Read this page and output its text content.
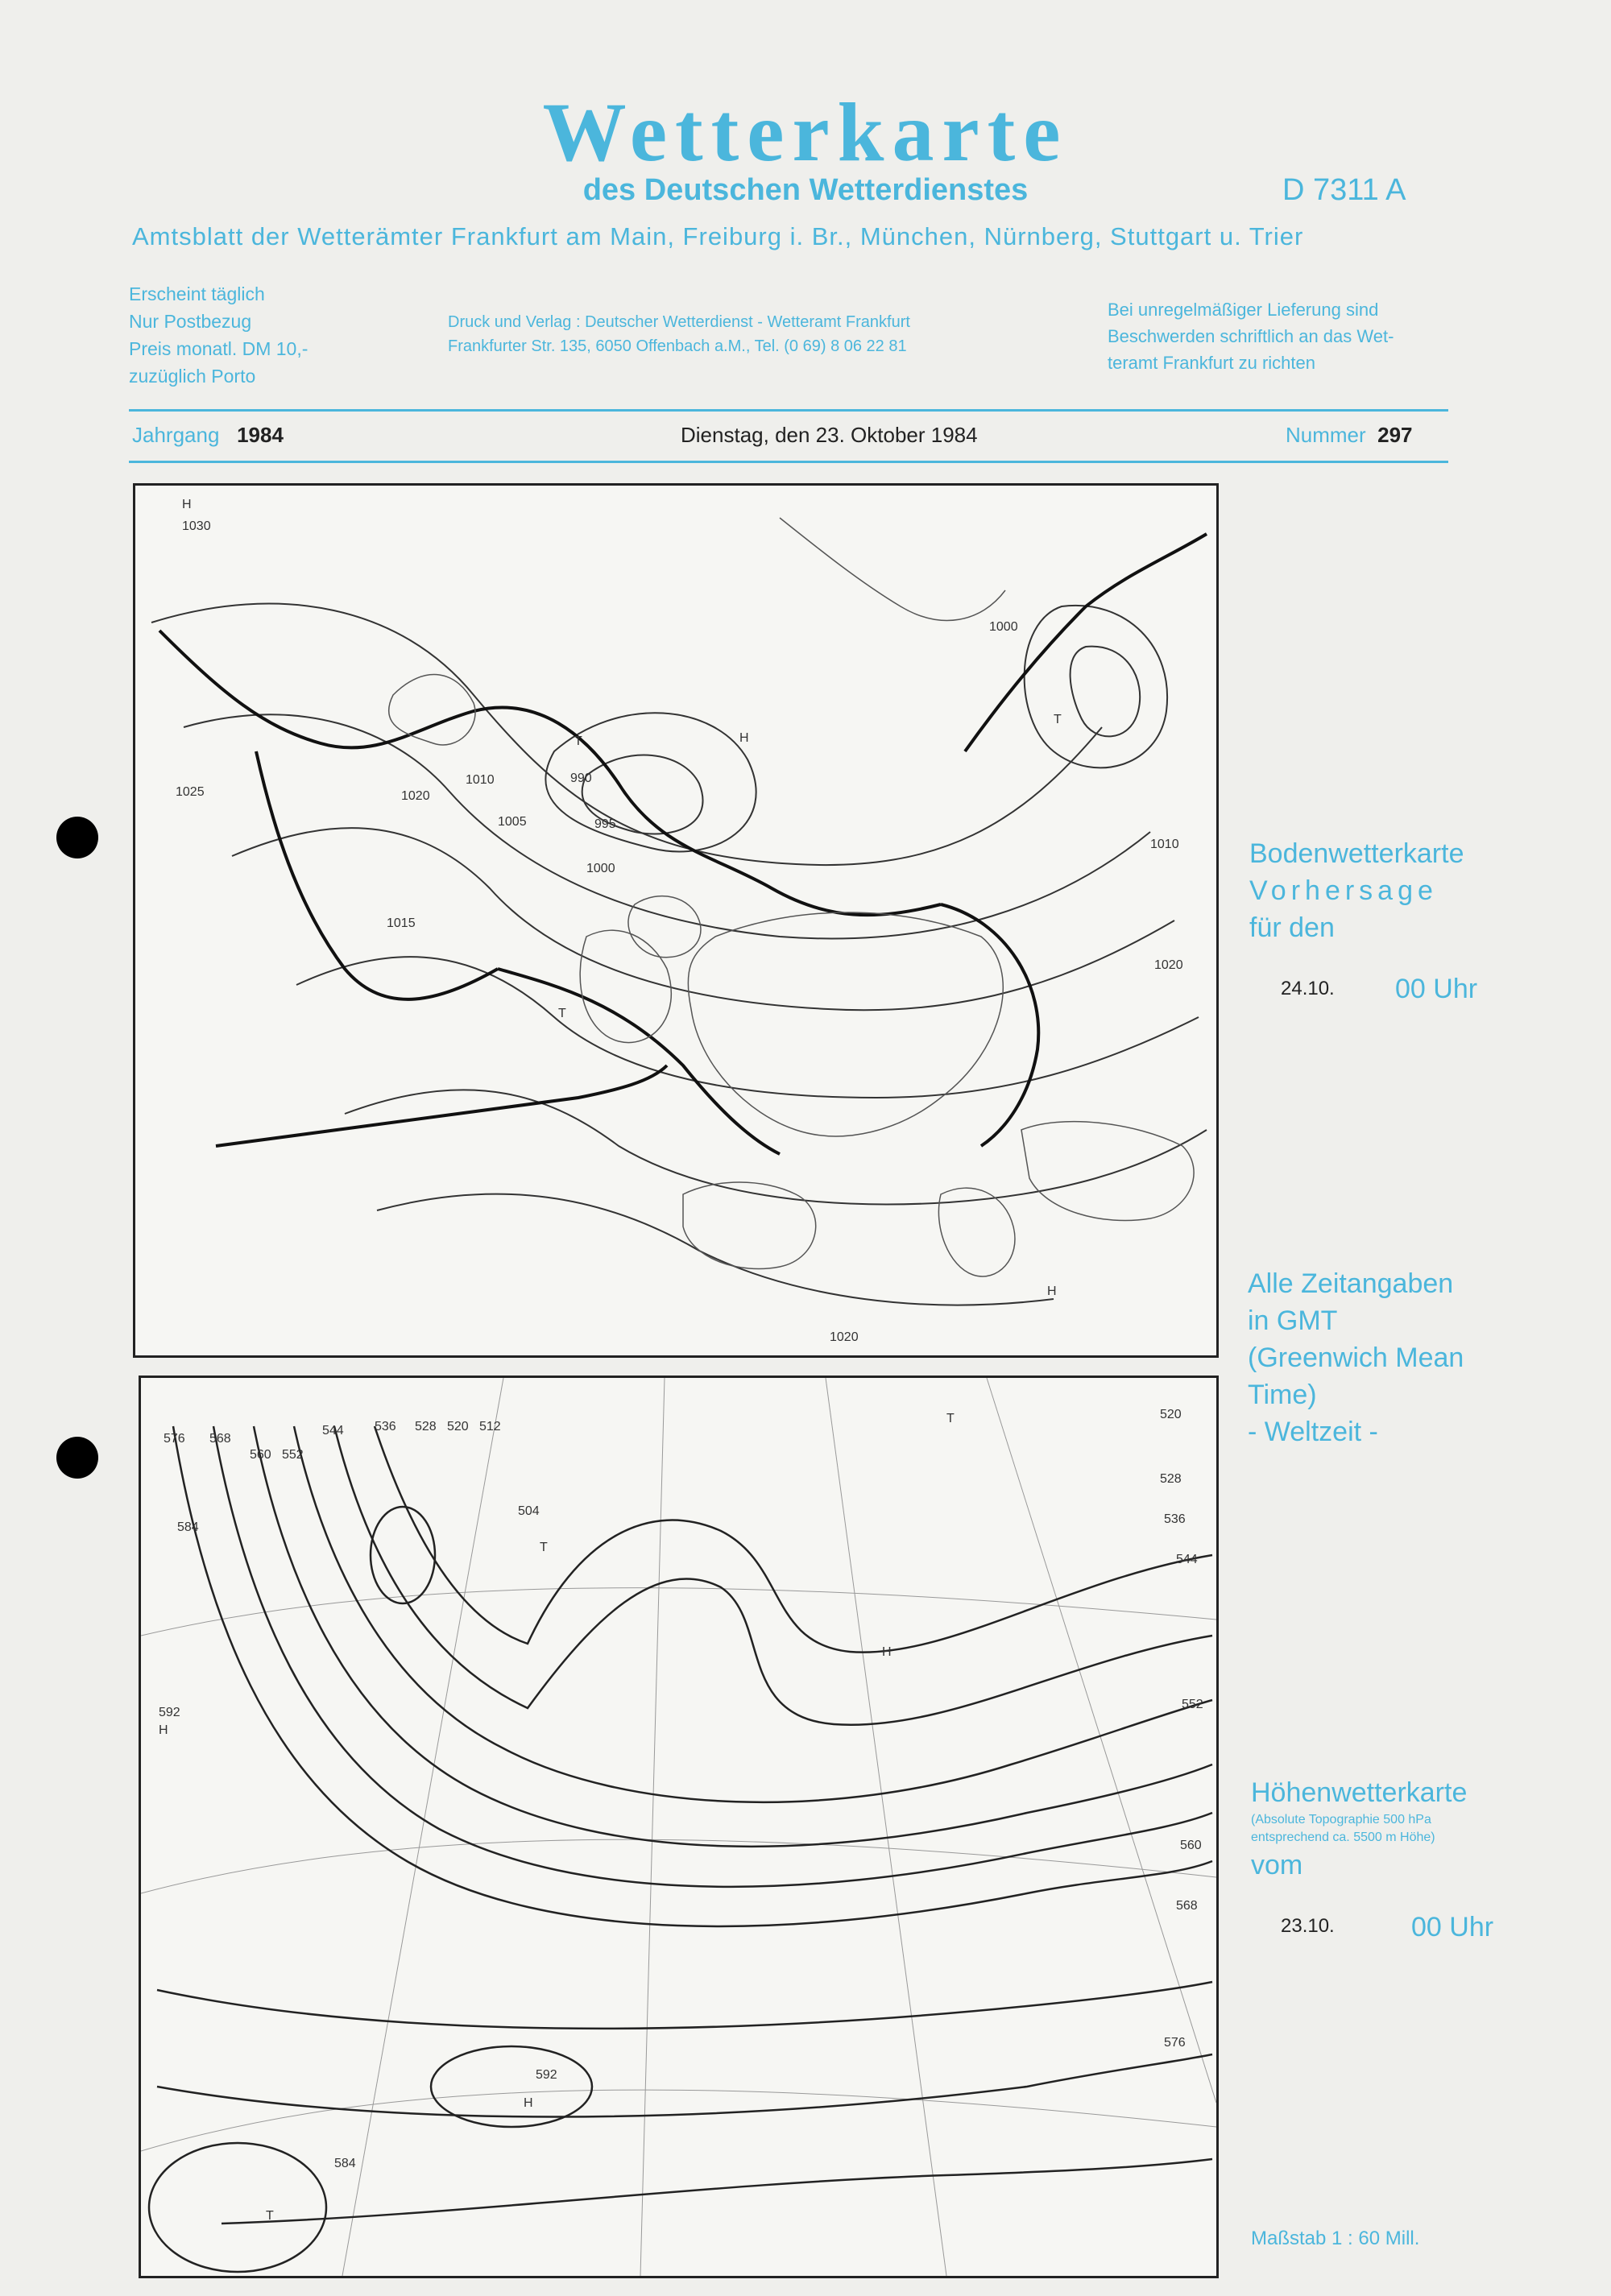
Wetterkarte
des Deutschen Wetterdienstes	D 7311 A
Amtsblatt der Wetterämter Frankfurt am Main, Freiburg i. Br., München, Nürnberg, Stuttgart u. Trier
Erscheint täglich
Nur Postbezug
Preis monatl. DM 10,-
zuzüglich Porto
Druck und Verlag : Deutscher Wetterdienst - Wetteramt Frankfurt
Frankfurter Str. 135, 6050 Offenbach a.M., Tel. (0 69) 8 06 22 81
Bei unregelmäßiger Lieferung sind
Beschwerden schriftlich an das Wet-
teramt Frankfurt zu richten
Jahrgang 1984	Dienstag, den 23. Oktober 1984	Nummer 297
1030
1025	1020
1015
1010
1005
1000
995
990
1020
1000
1010
1020
H
H
H
T
T
T
576 568
560 552
544 536 528 520 512
504
584
592
592
584
520
528
536
544
552
560
568
576
H
H
H
T
T
T
Bodenwetterkarte
Vorhersage
für den
24.10. 00 Uhr
Alle Zeitangaben
in GMT
(Greenwich Mean
Time)
- Weltzeit -
Höhenwetterkarte
(Absolute Topographie 500 hPa
entsprechend ca. 5500 m Höhe)
vom
23.10.	00 Uhr
Maßstab 1 : 60 Mill.
